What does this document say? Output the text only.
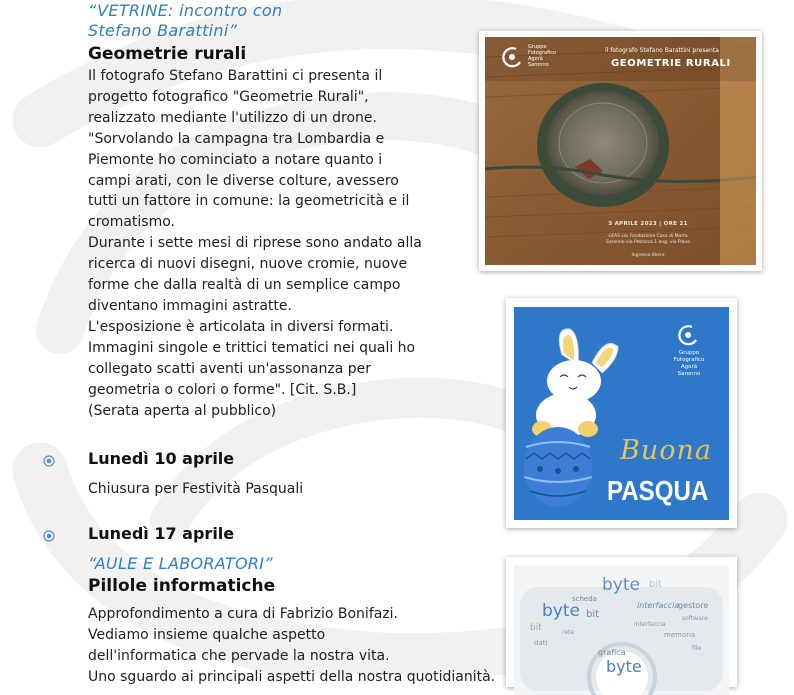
“VETRINE: incontro con
Stefano Barattini”
Geometrie rurali
Il fotografo Stefano Barattini ci presenta il
progetto fotografico "Geometrie Rurali",
realizzato mediante l'utilizzo di un drone.
"Sorvolando la campagna tra Lombardia e
Piemonte ho cominciato a notare quanto i
campi arati, con le diverse colture, avessero
tutti un fattore in comune: la geometricità e il
cromatismo.
Durante i sette mesi di riprese sono andato alla
ricerca di nuovi disegni, nuove cromie, nuove
forme che dalla realtà di un semplice campo
diventano immagini astratte.
L'esposizione è articolata in diversi formati.
Immagini singole e trittici tematici nei quali ho
collegato scatti aventi un'assonanza per
geometria o colori o forme". [Cit. S.B.]
(Serata aperta al pubblico)
Lunedì 10 aprile
Chiusura per Festività Pasquali
Lunedì 17 aprile
“AULE E LABORATORI”
Pillole informatiche
Approfondimento a cura di Fabrizio Bonifazi.
Vediamo insieme qualche aspetto
dell'informatica che pervade la nostra vita.
Uno sguardo ai principali aspetti della nostra quotidianità.
Gruppo
Fotografico
Agorà
Saronno
il fotografo Stefano Barattini presenta
GEOMETRIE RURALI
3 APRILE 2023 | ORE 21
GFAS c/o Fondazione Casa di Marta
Saronno via Petrarca 1 ang. via Piave
Ingresso libero
Gruppo
Fotografico
Agorà
Saronno
Buona
PASQUA
byte bit
scheda
byte bit
interfaccia
gestore
bit
grafica
byte
interfaccia
memoria
dati
software
rete
file
